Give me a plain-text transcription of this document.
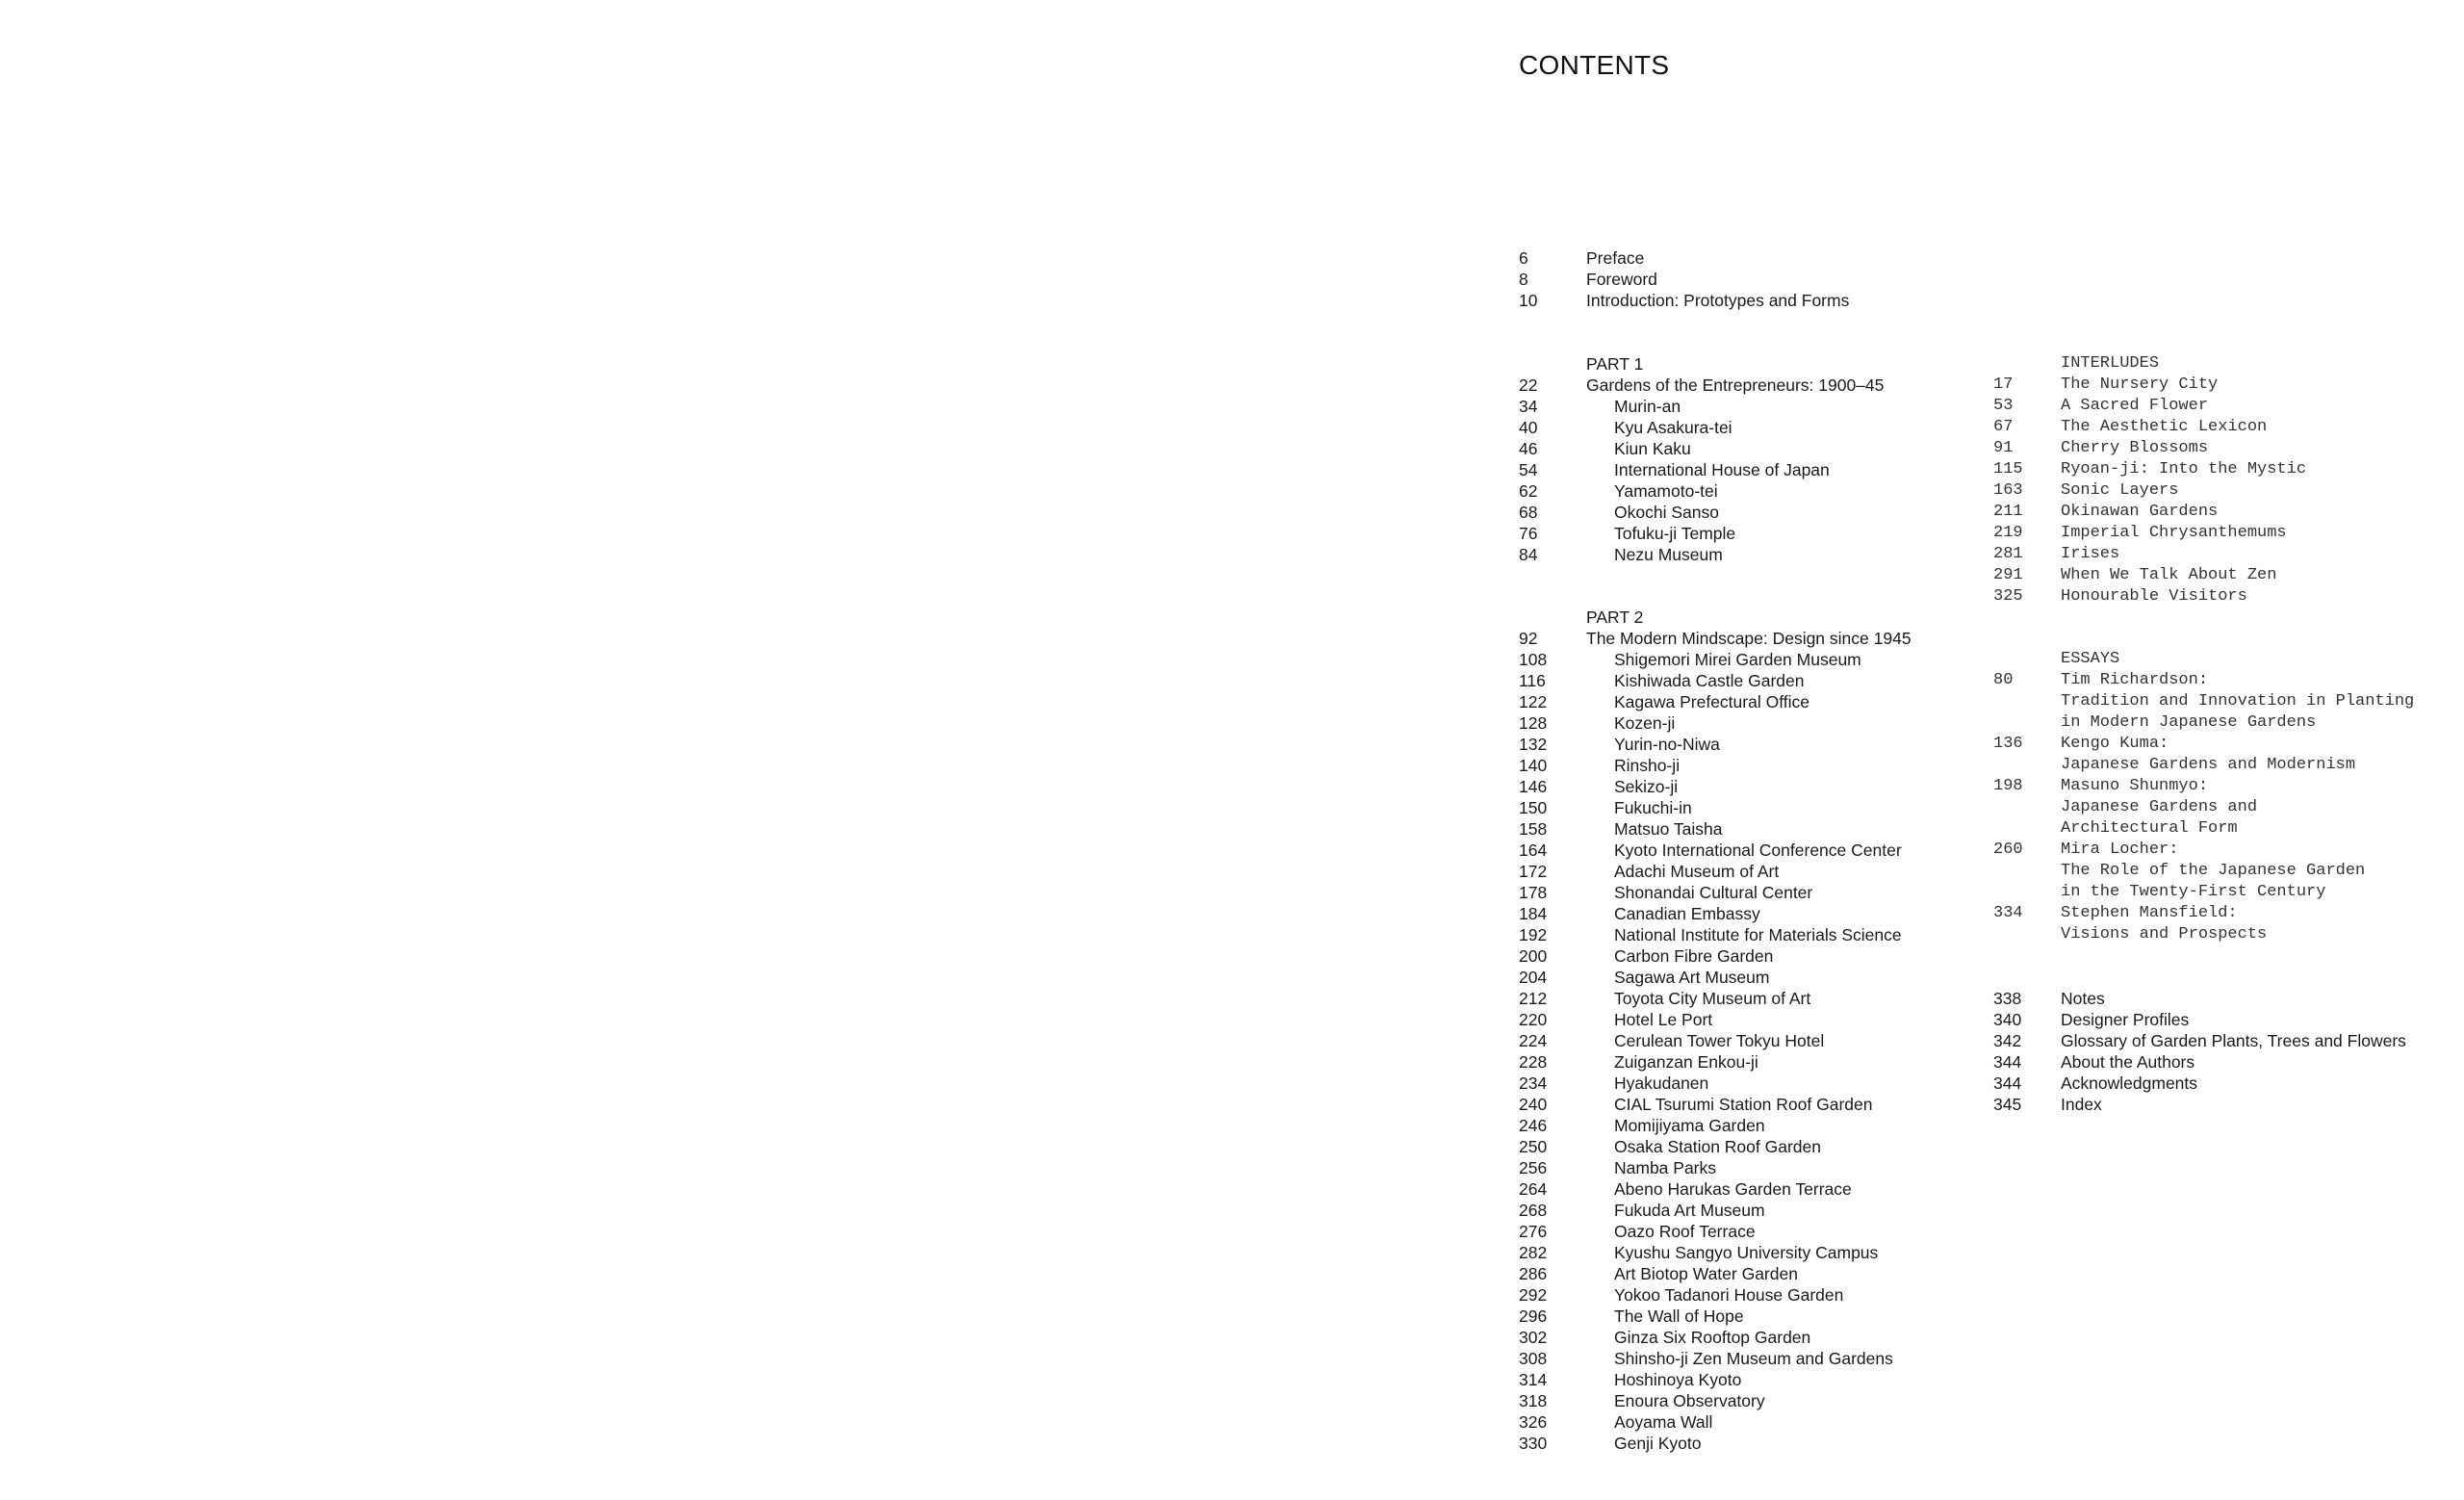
CONTENTS
6	Preface
8	Foreword
10	Introduction: Prototypes and Forms
PART 1
22	Gardens of the Entrepreneurs: 1900–45
34	Murin-an
40	Kyu Asakura-tei
46	Kiun Kaku
54	International House of Japan
62	Yamamoto-tei
68	Okochi Sanso
76	Tofuku-ji Temple
84	Nezu Museum
PART 2
92	The Modern Mindscape: Design since 1945
108	Shigemori Mirei Garden Museum
116	Kishiwada Castle Garden
122	Kagawa Prefectural Office
128	Kozen-ji
132	Yurin-no-Niwa
140	Rinsho-ji
146	Sekizo-ji
150	Fukuchi-in
158	Matsuo Taisha
164	Kyoto International Conference Center
172	Adachi Museum of Art
178	Shonandai Cultural Center
184	Canadian Embassy
192	National Institute for Materials Science
200	Carbon Fibre Garden
204	Sagawa Art Museum
212	Toyota City Museum of Art
220	Hotel Le Port
224	Cerulean Tower Tokyu Hotel
228	Zuiganzan Enkou-ji
234	Hyakudanen
240	CIAL Tsurumi Station Roof Garden
246	Momijiyama Garden
250	Osaka Station Roof Garden
256	Namba Parks
264	Abeno Harukas Garden Terrace
268	Fukuda Art Museum
276	Oazo Roof Terrace
282	Kyushu Sangyo University Campus
286	Art Biotop Water Garden
292	Yokoo Tadanori House Garden
296	The Wall of Hope
302	Ginza Six Rooftop Garden
308	Shinsho-ji Zen Museum and Gardens
314	Hoshinoya Kyoto
318	Enoura Observatory
326	Aoyama Wall
330	Genji Kyoto
INTERLUDES
17	The Nursery City
53	A Sacred Flower
67	The Aesthetic Lexicon
91	Cherry Blossoms
115 Ryoan-ji: Into the Mystic
163 Sonic Layers
211 Okinawan Gardens
219 Imperial Chrysanthemums
281 Irises
291 When We Talk About Zen
325 Honourable Visitors
ESSAYS
80	Tim Richardson:
Tradition and Innovation in Planting
in Modern Japanese Gardens
136 Kengo Kuma:
Japanese Gardens and Modernism
198 Masuno Shunmyo:
Japanese Gardens and
Architectural Form
260 Mira Locher:
The Role of the Japanese Garden
in the Twenty-First Century
334 Stephen Mansfield:
Visions and Prospects
338 Notes
340 Designer Profiles
342 Glossary of Garden Plants, Trees and Flowers
344 About the Authors
344 Acknowledgments
345 Index
